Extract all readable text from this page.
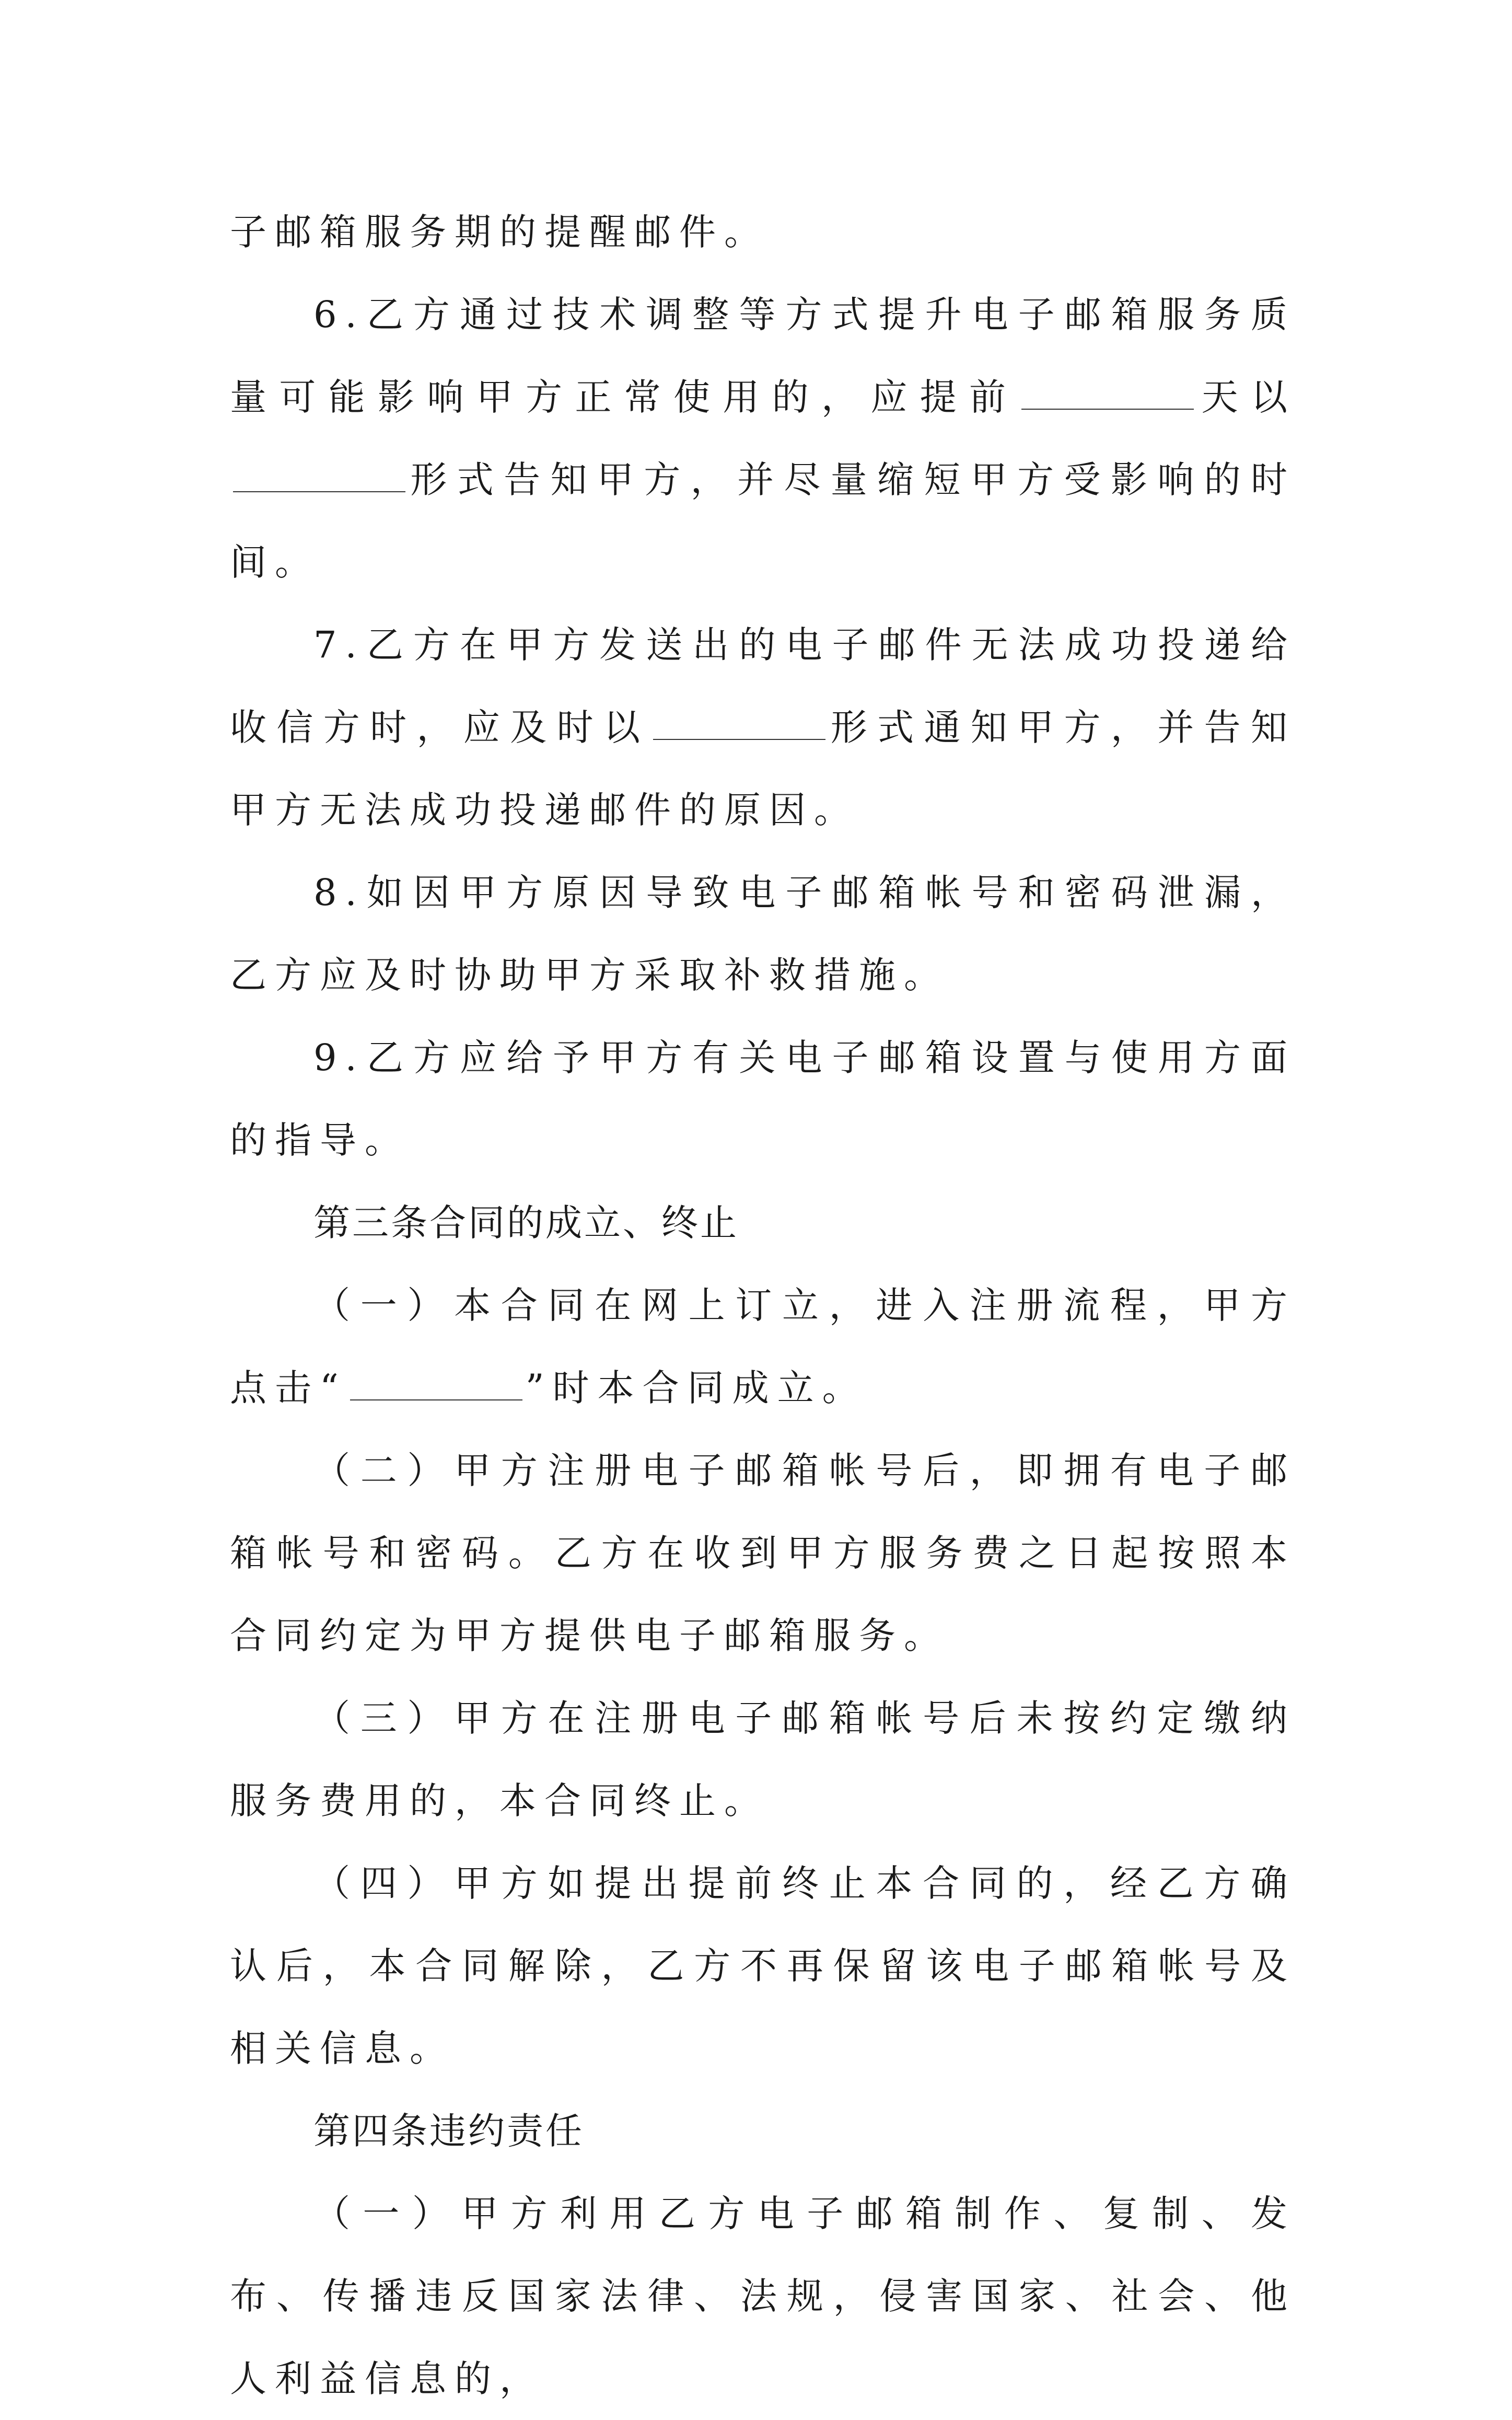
子邮箱服务期的提醒邮件。

6.乙方通过技术调整等方式提升电子邮箱服务质量可能影响甲方正常使用的，应提前	天以形式告知甲方，并尽量缩短甲方受影响的时间。

7.乙方在甲方发送出的电子邮件无法成功投递给收信方时，应及时以	形式通知甲方，并告知甲方无法成功投递邮件的原因。

8.如因甲方原因导致电子邮箱帐号和密码泄漏，乙方应及时协助甲方采取补救措施。

9.乙方应给予甲方有关电子邮箱设置与使用方面的指导。

第三条合同的成立、终止

（一）本合同在网上订立，进入注册流程，甲方点击“	”时本合同成立。

（二）甲方注册电子邮箱帐号后，即拥有电子邮箱帐号和密码。乙方在收到甲方服务费之日起按照本合同约定为甲方提供电子邮箱服务。

（三）甲方在注册电子邮箱帐号后未按约定缴纳服务费用的，本合同终止。

（四）甲方如提出提前终止本合同的，经乙方确认后，本合同解除，乙方不再保留该电子邮箱帐号及相关信息。

第四条违约责任

（一）甲方利用乙方电子邮箱制作、复制、发布、传播违反国家法律、法规，侵害国家、社会、他人利益信息的，
